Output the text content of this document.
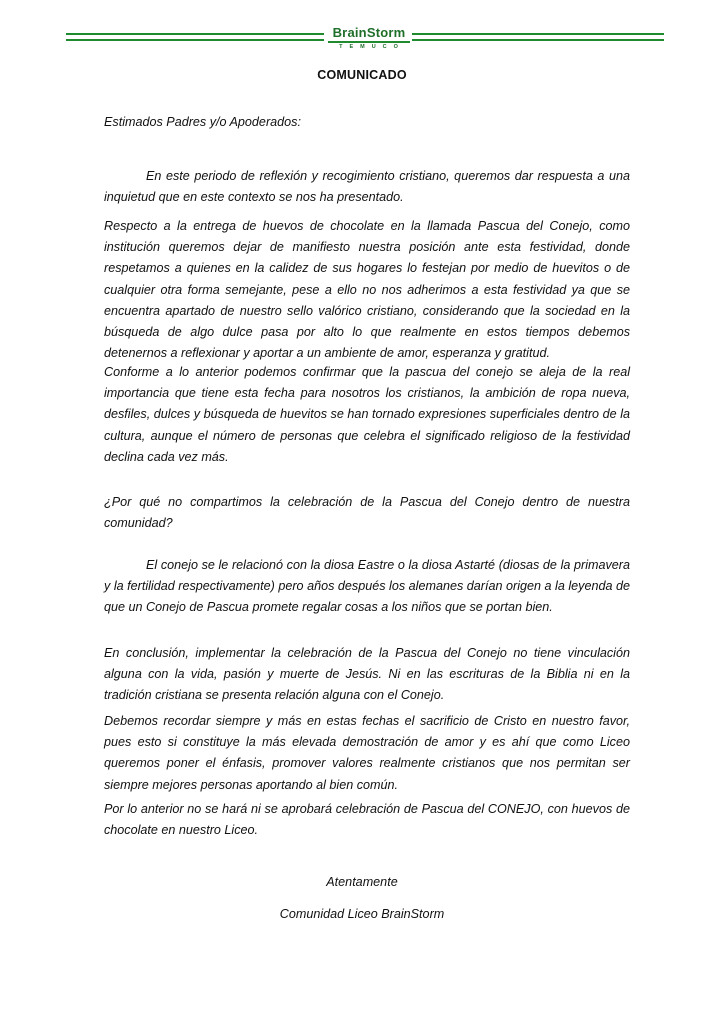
BrainStorm
TEMUCO
COMUNICADO

Estimados Padres y/o Apoderados:

En este periodo de reflexión y recogimiento cristiano, queremos dar respuesta a una inquietud que en este contexto se nos ha presentado.

Respecto a la entrega de huevos de chocolate en la llamada Pascua del Conejo, como institución queremos dejar de manifiesto nuestra posición ante esta festividad, donde respetamos a quienes en la calidez de sus hogares lo festejan por medio de huevitos o de cualquier otra forma semejante, pese a ello no nos adherimos a esta festividad ya que se encuentra apartado de nuestro sello valórico cristiano, considerando que la sociedad en la búsqueda de algo dulce pasa por alto lo que realmente en estos tiempos debemos detenernos a reflexionar y aportar a un ambiente de amor, esperanza y gratitud.

Conforme a lo anterior podemos confirmar que la pascua del conejo se aleja de la real importancia que tiene esta fecha para nosotros los cristianos, la ambición de ropa nueva, desfiles, dulces y búsqueda de huevitos se han tornado expresiones superficiales dentro de la cultura, aunque el número de personas que celebra el significado religioso de la festividad declina cada vez más.

¿Por qué no compartimos la celebración de la Pascua del Conejo dentro de nuestra comunidad?

El conejo se le relacionó con la diosa Eastre o la diosa Astarté (diosas de la primavera y la fertilidad respectivamente) pero años después los alemanes darían origen a la leyenda de que un Conejo de Pascua promete regalar cosas a los niños que se portan bien.

En conclusión, implementar la celebración de la Pascua del Conejo no tiene vinculación alguna con la vida, pasión y muerte de Jesús. Ni en las escrituras de la Biblia ni en la tradición cristiana se presenta relación alguna con el Conejo.

Debemos recordar siempre y más en estas fechas el sacrificio de Cristo en nuestro favor, pues esto si constituye la más elevada demostración de amor y es ahí que como Liceo queremos poner el énfasis, promover valores realmente cristianos que nos permitan ser siempre mejores personas aportando al bien común.

Por lo anterior no se hará ni se aprobará celebración de Pascua del CONEJO, con huevos de chocolate en nuestro Liceo.

Atentamente

Comunidad Liceo BrainStorm
